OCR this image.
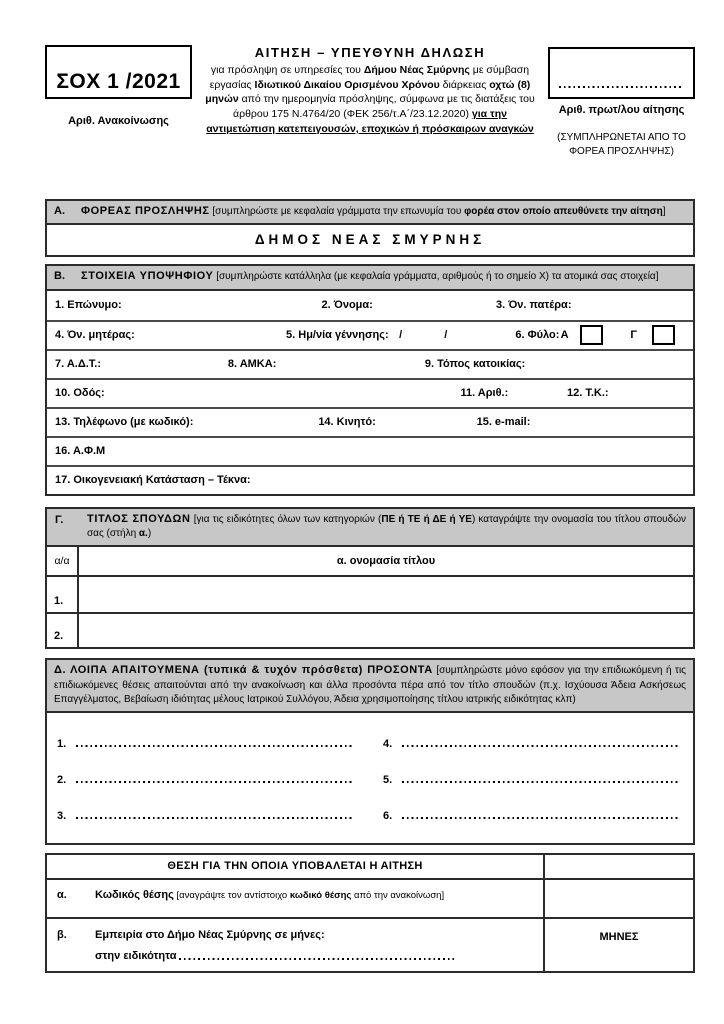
ΣΟΧ 1 /2021
Αριθ. Ανακοίνωσης
ΑΙΤΗΣΗ – ΥΠΕΥΘΥΝΗ ΔΗΛΩΣΗ
για πρόσληψη σε υπηρεσίες του Δήμου Νέας Σμύρνης με σύμβαση εργασίας Ιδιωτικού Δικαίου Ορισμένου Χρόνου διάρκειας οχτώ (8) μηνών από την ημερομηνία πρόσληψης, σύμφωνα με τις διατάξεις του άρθρου 175 Ν.4764/20 (ΦΕΚ 256/τ.Α΄/23.12.2020) για την αντιμετώπιση κατεπειγουσών, εποχικών ή πρόσκαιρων αναγκών
Αριθ. πρωτ/λου αίτησης
(ΣΥΜΠΛΗΡΩΝΕΤΑΙ ΑΠΟ ΤΟ
ΦΟΡΕΑ ΠΡΟΣΛΗΨΗΣ)
Α. ΦΟΡΕΑΣ ΠΡΟΣΛΗΨΗΣ [συμπληρώστε με κεφαλαία γράμματα την επωνυμία του φορέα στον οποίο απευθύνετε την αίτηση]
ΔΗΜΟΣ ΝΕΑΣ ΣΜΥΡΝΗΣ
Β. ΣΤΟΙΧΕΙΑ ΥΠΟΨΗΦΙΟΥ [συμπληρώστε κατάλληλα (με κεφαλαία γράμματα, αριθμούς ή το σημείο Χ) τα ατομικά σας στοιχεία]
1. Επώνυμο:	2. Όνομα:	3. Όν. πατέρα:
4. Όν. μητέρας:	5. Ημ/νία γέννησης: /	/	6. Φύλο: Α	Γ
7. Α.Δ.Τ.:	8. ΑΜΚΑ:	9. Τόπος κατοικίας:
10. Οδός:	11. Αριθ.:	12. Τ.Κ.:
13. Τηλέφωνο (με κωδικό):	14. Κινητό:	15. e-mail:
16. Α.Φ.Μ
17. Οικογενειακή Κατάσταση – Τέκνα:
Γ. ΤΙΤΛΟΣ ΣΠΟΥΔΩΝ [για τις ειδικότητες όλων των κατηγοριών (ΠΕ ή ΤΕ ή ΔΕ ή ΥΕ) καταγράψτε την ονομασία του τίτλου σπουδών σας (στήλη α.)
α/α	α. ονομασία τίτλου
1.
2.
Δ. ΛΟΙΠΑ ΑΠΑΙΤΟΥΜΕΝΑ (τυπικά & τυχόν πρόσθετα) ΠΡΟΣΟΝΤΑ [συμπληρώστε μόνο εφόσον για την επιδιωκόμενη ή τις επιδιωκόμενες θέσεις απαιτούνται από την ανακοίνωση και άλλα προσόντα πέρα από τον τίτλο σπουδών (π.χ. Ισχύουσα Άδεια Ασκήσεως Επαγγέλματος, Βεβαίωση ιδιότητας μέλους Ιατρικού Συλλόγου, Άδεια χρησιμοποίησης τίτλου ιατρικής ειδικότητας κλπ)
1.
2.
3.
4.
5.
6.
ΘΕΣΗ ΓΙΑ ΤΗΝ ΟΠΟΙΑ ΥΠΟΒΑΛΕΤΑΙ Η ΑΙΤΗΣΗ
α.	Κωδικός θέσης [αναγράψτε τον αντίστοιχο κωδικό θέσης από την ανακοίνωση]
β.	Εμπειρία στο Δήμο Νέας Σμύρνης σε μήνες:
στην ειδικότητα
ΜΗΝΕΣ
